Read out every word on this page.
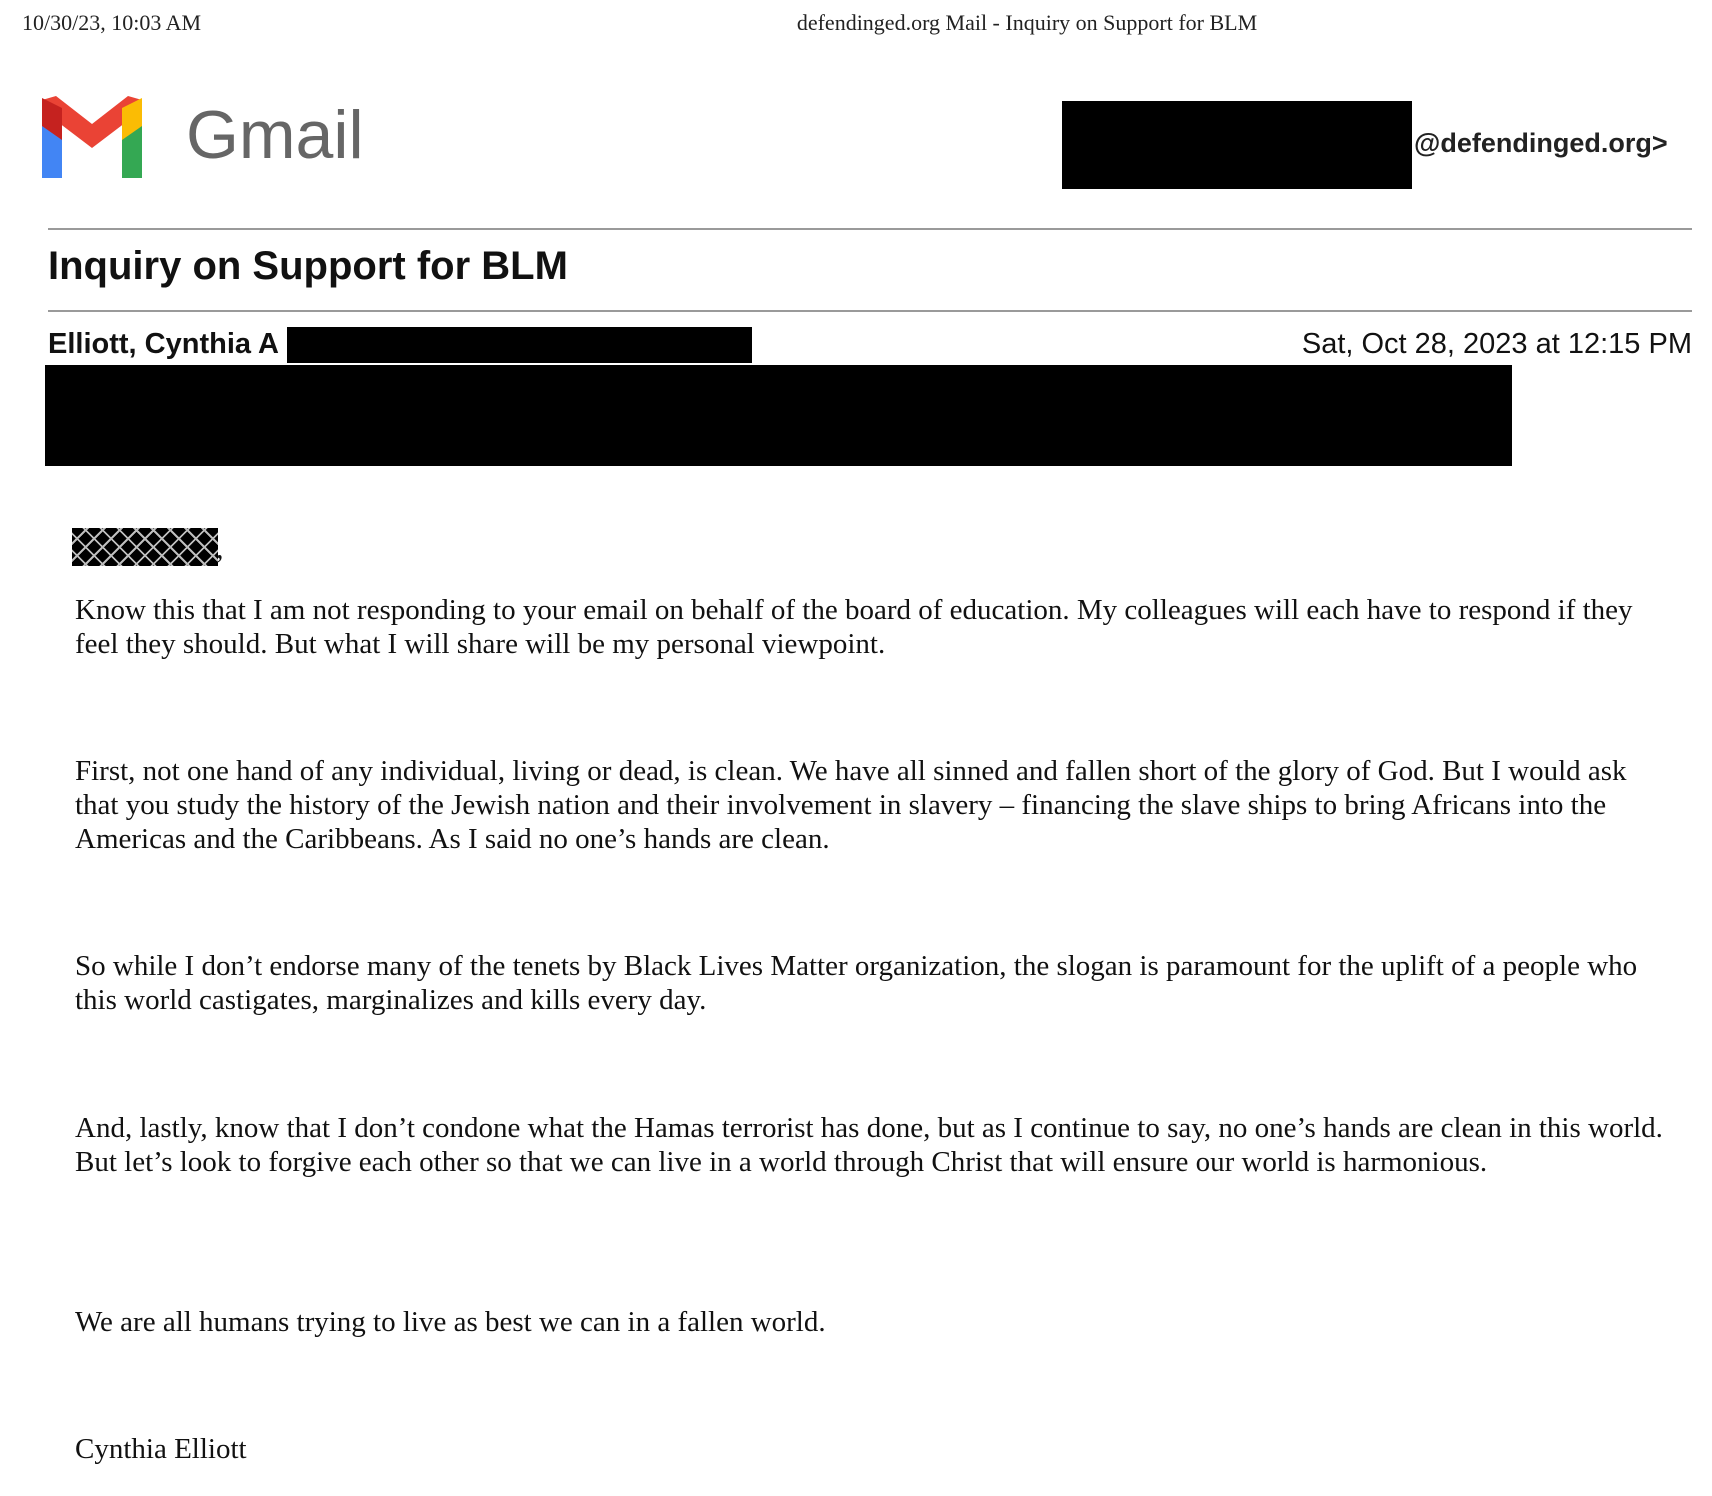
10/30/23, 10:03 AM	defendinged.org Mail - Inquiry on Support for BLM
Gmail	@defendinged.org>
Inquiry on Support for BLM
Elliott, Cynthia A	Sat, Oct 28, 2023 at 12:15 PM
,

Know this that I am not responding to your email on behalf of the board of education. My colleagues will each have to respond if they feel they should. But what I will share will be my personal viewpoint.

First, not one hand of any individual, living or dead, is clean. We have all sinned and fallen short of the glory of God. But I would ask that you study the history of the Jewish nation and their involvement in slavery – financing the slave ships to bring Africans into the Americas and the Caribbeans. As I said no one’s hands are clean.

So while I don’t endorse many of the tenets by Black Lives Matter organization, the slogan is paramount for the uplift of a people who this world castigates, marginalizes and kills every day.

And, lastly, know that I don’t condone what the Hamas terrorist has done, but as I continue to say, no one’s hands are clean in this world. But let’s look to forgive each other so that we can live in a world through Christ that will ensure our world is harmonious.

We are all humans trying to live as best we can in a fallen world.

Cynthia Elliott
